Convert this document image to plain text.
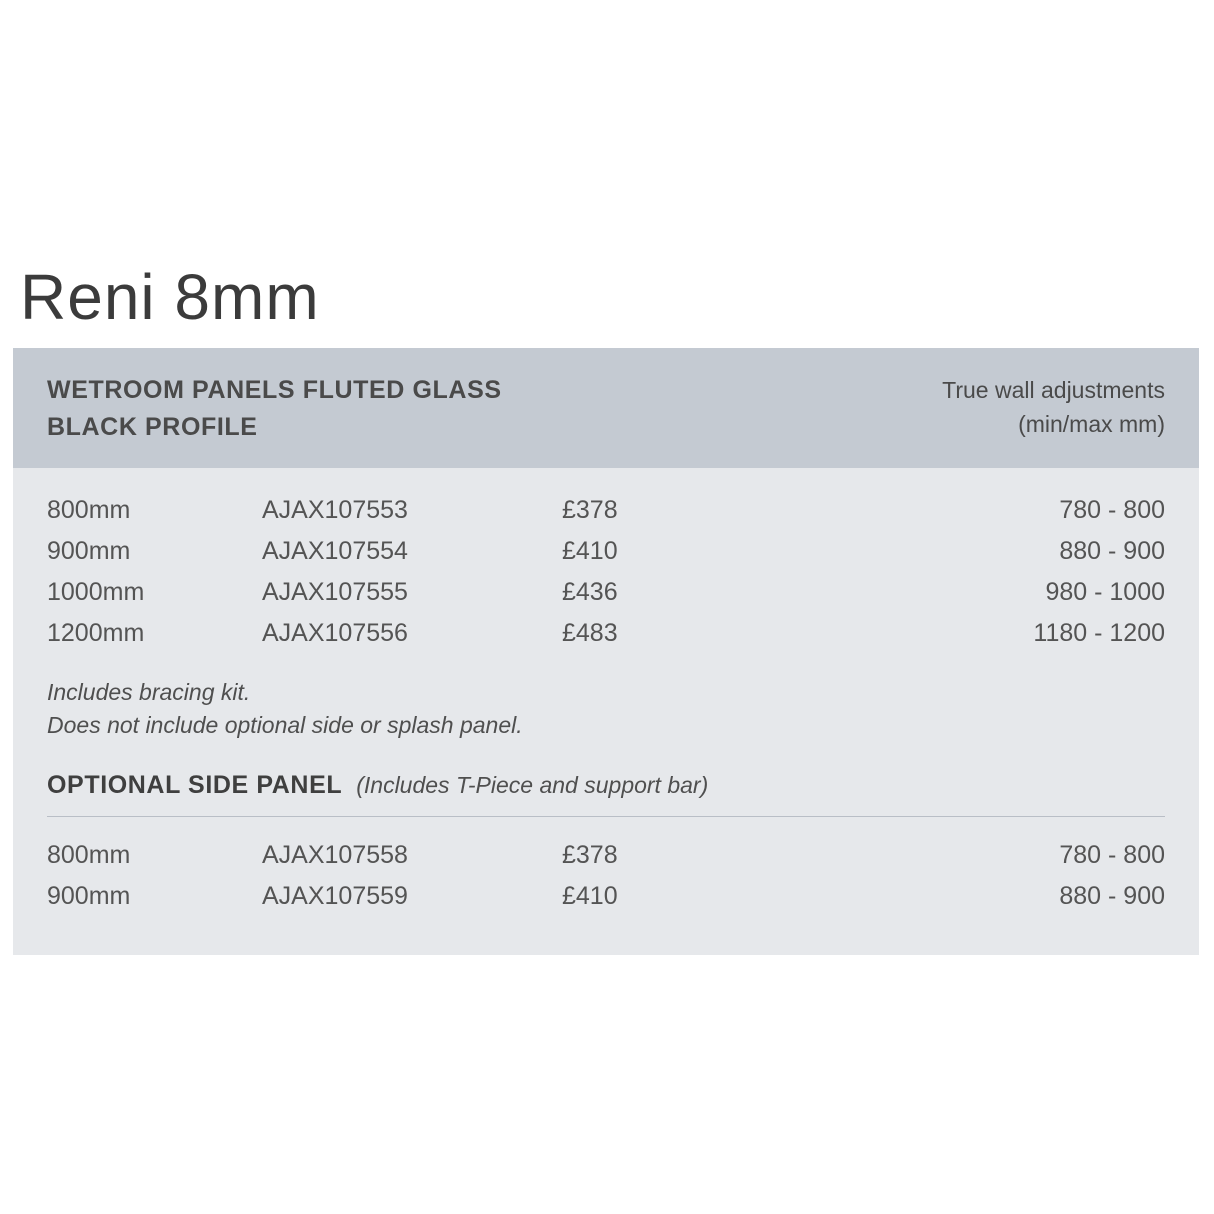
Reni 8mm
WETROOM PANELS FLUTED GLASS
BLACK PROFILE
True wall adjustments
(min/max mm)
800mm	AJAX107553	£378	780 - 800
900mm	AJAX107554	£410	880 - 900
1000mm	AJAX107555	£436	980 - 1000
1200mm	AJAX107556	£483	1180 - 1200
Includes bracing kit.
Does not include optional side or splash panel.
OPTIONAL SIDE PANEL (Includes T-Piece and support bar)
800mm	AJAX107558	£378	780 - 800
900mm	AJAX107559	£410	880 - 900
